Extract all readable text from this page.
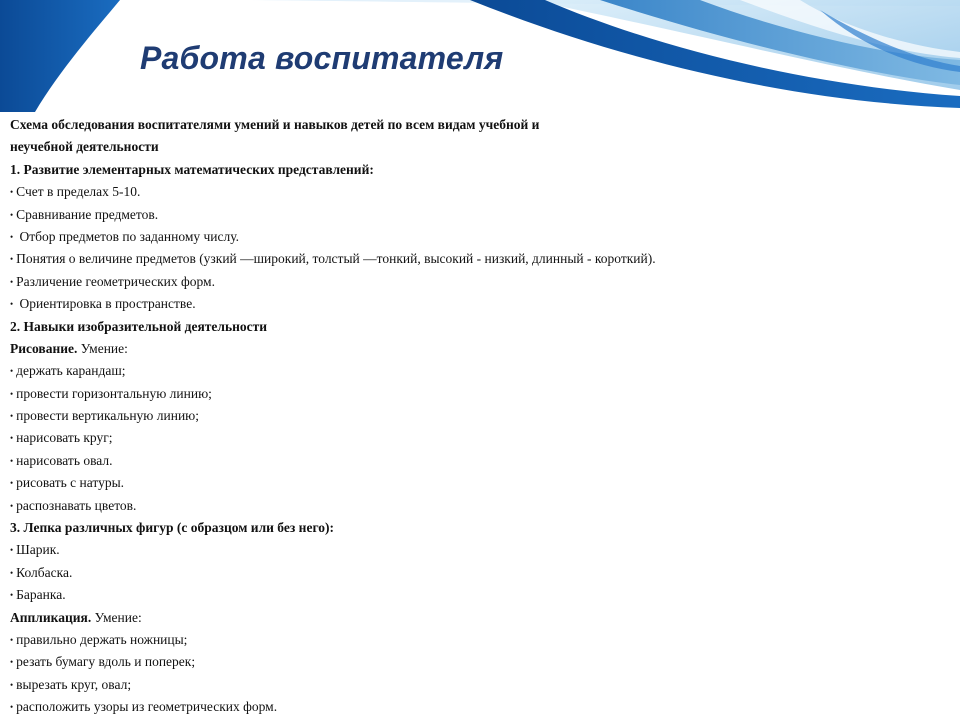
Работа воспитателя
Схема обследования воспитателями умений и навыков детей по всем видам учебной и
неучебной деятельности
1. Развитие элементарных математических представлений:
• Счет в пределах 5-10.
• Сравнивание предметов.
• Отбор предметов по заданному числу.
• Понятия о величине предметов (узкий —широкий, толстый —тонкий, высокий - низкий, длинный - короткий).
• Различение геометрических форм.
• Ориентировка в пространстве.
2. Навыки изобразительной деятельности
Рисование. Умение:
• держать карандаш;
• провести горизонтальную линию;
• провести вертикальную линию;
• нарисовать круг;
• нарисовать овал.
• рисовать с натуры.
• распознавать цветов.
3. Лепка различных фигур (с образцом или без него):
• Шарик.
• Колбаска.
• Баранка.
Аппликация. Умение:
• правильно держать ножницы;
• резать бумагу вдоль и поперек;
• вырезать круг, овал;
• расположить узоры из геометрических форм.
